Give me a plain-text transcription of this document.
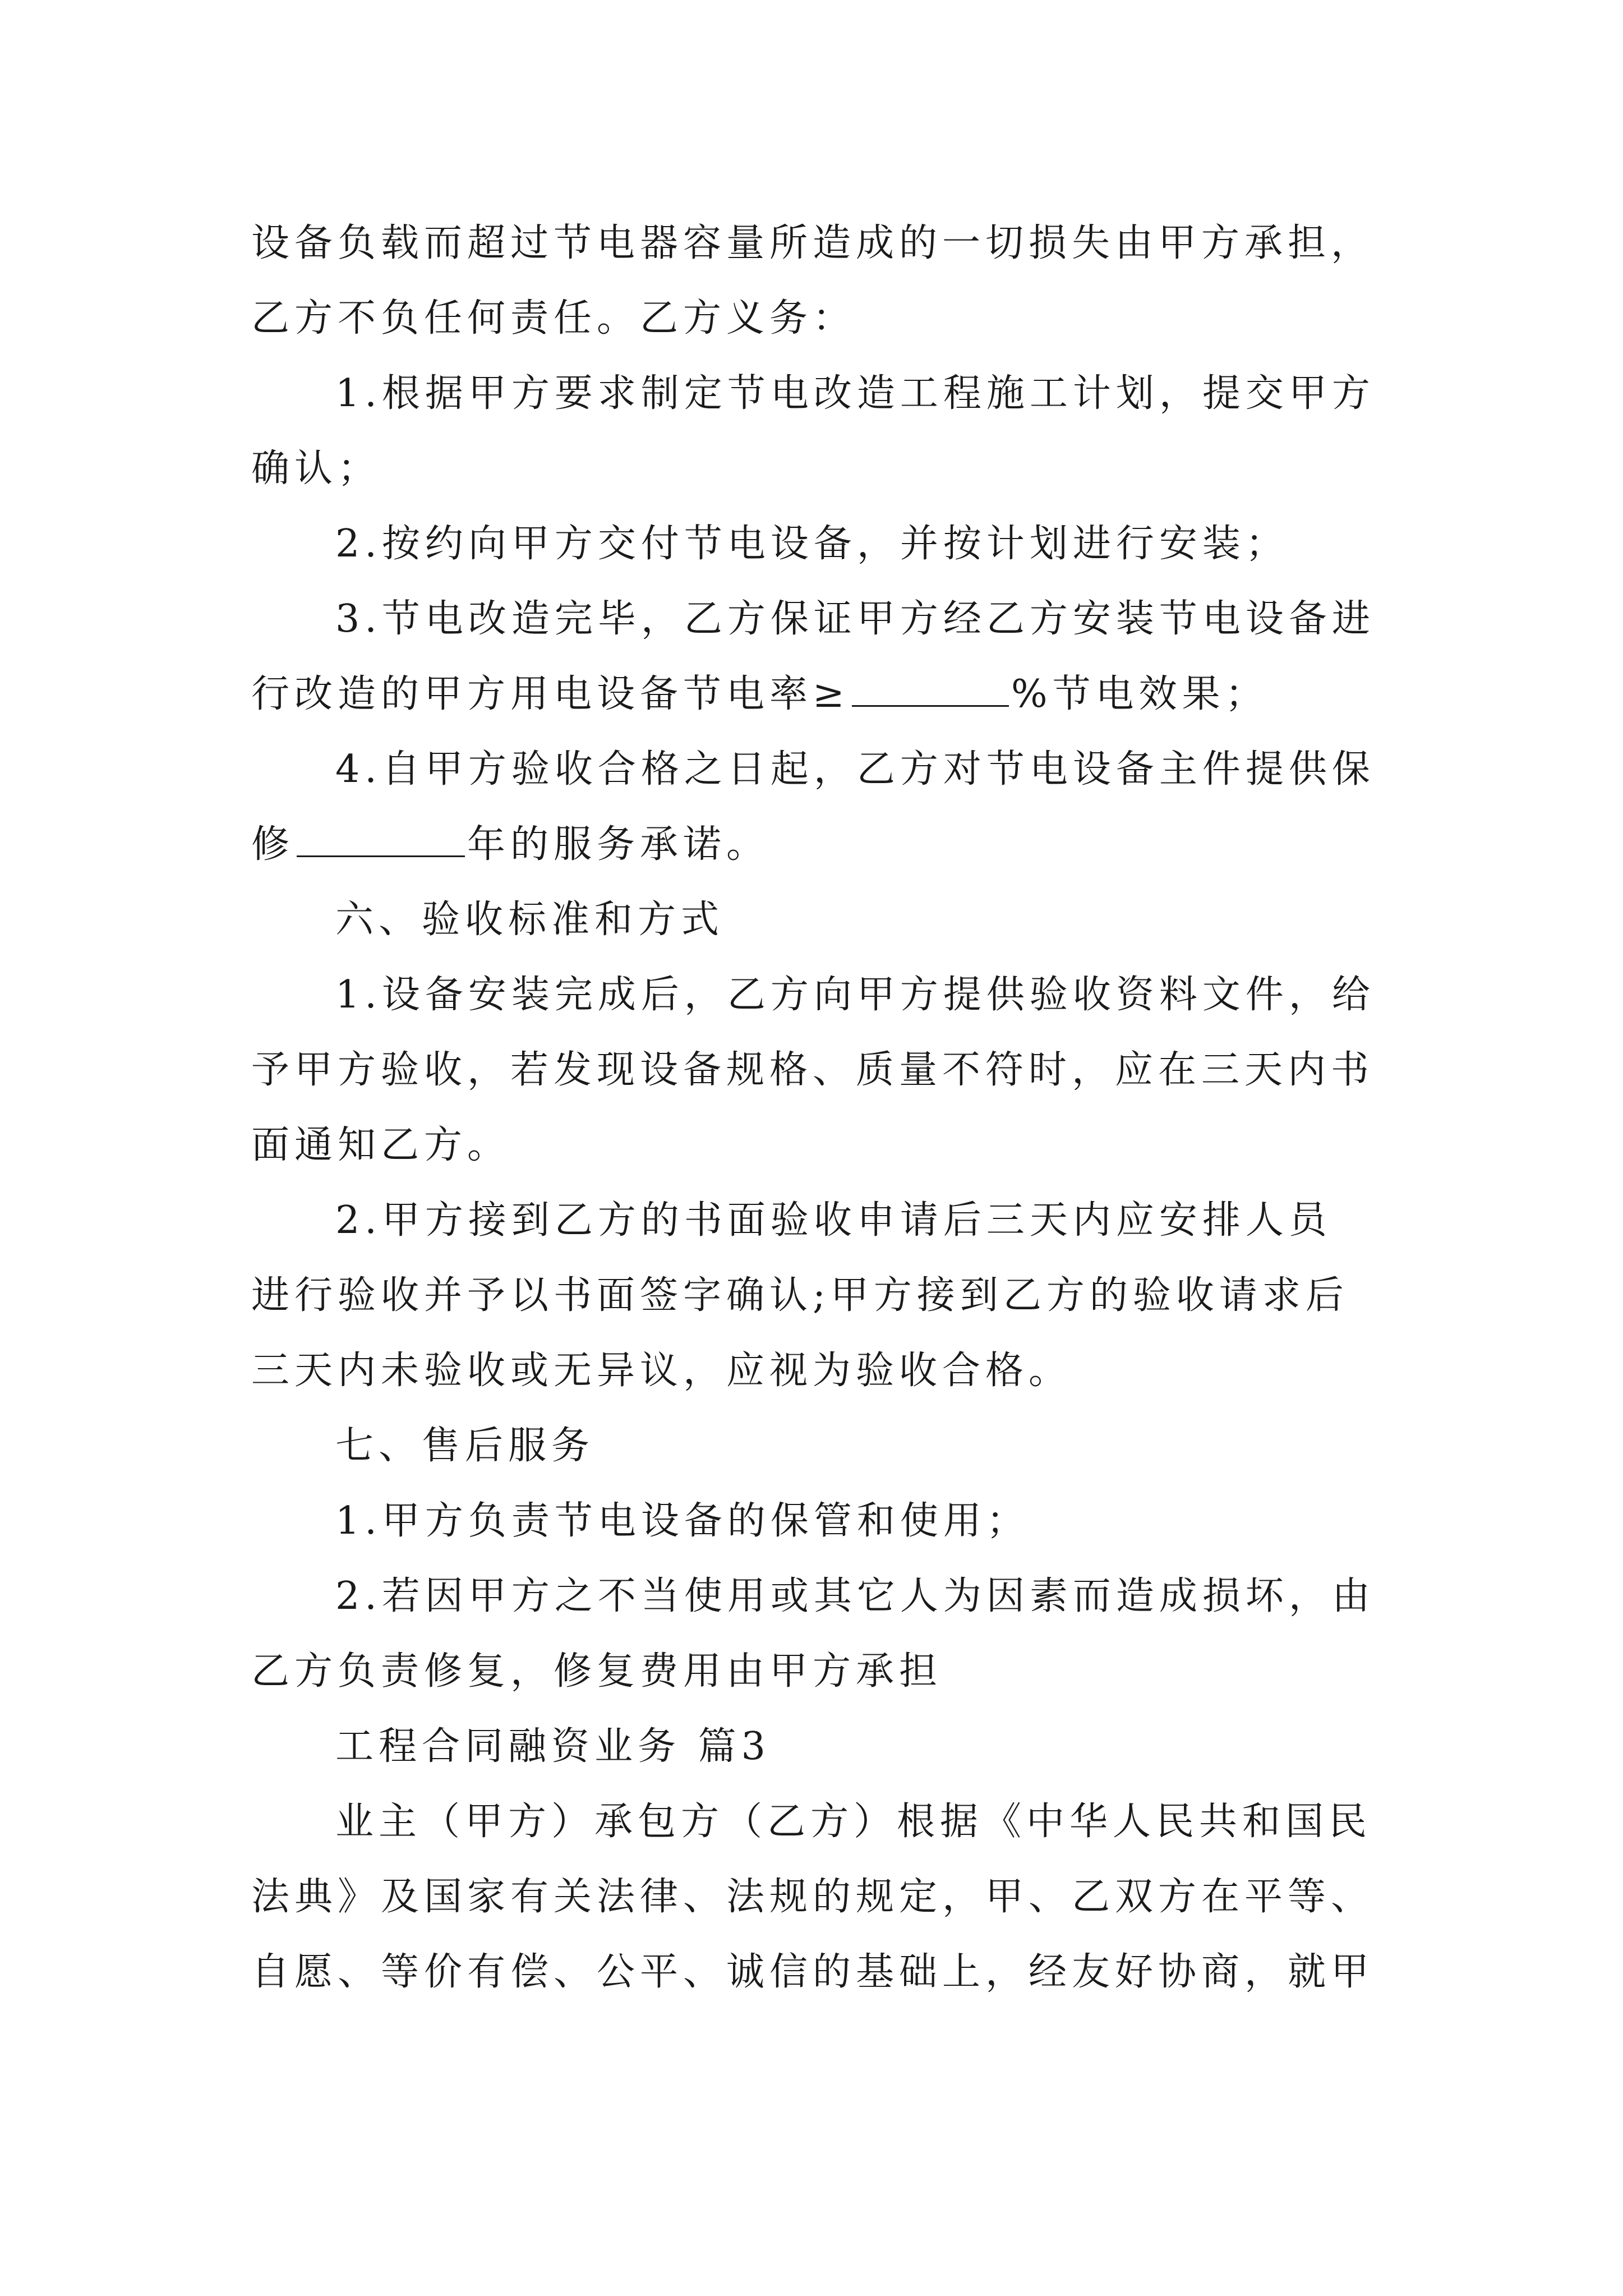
设备负载而超过节电器容量所造成的一切损失由甲方承担，
乙方不负任何责任。乙方义务：
1.根据甲方要求制定节电改造工程施工计划，提交甲方
确认；
2.按约向甲方交付节电设备，并按计划进行安装；
3.节电改造完毕，乙方保证甲方经乙方安装节电设备进
行改造的甲方用电设备节电率≥	%节电效果；
4.自甲方验收合格之日起，乙方对节电设备主件提供保
修	年的服务承诺。
六、验收标准和方式
1.设备安装完成后，乙方向甲方提供验收资料文件，给
予甲方验收，若发现设备规格、质量不符时，应在三天内书
面通知乙方。
2.甲方接到乙方的书面验收申请后三天内应安排人员
进行验收并予以书面签字确认;甲方接到乙方的验收请求后
三天内未验收或无异议，应视为验收合格。
七、售后服务
1.甲方负责节电设备的保管和使用；
2.若因甲方之不当使用或其它人为因素而造成损坏，由
乙方负责修复，修复费用由甲方承担
工程合同融资业务 篇3
业主（甲方）承包方（乙方）根据《中华人民共和国民
法典》及国家有关法律、法规的规定，甲、乙双方在平等、
自愿、等价有偿、公平、诚信的基础上，经友好协商，就甲
